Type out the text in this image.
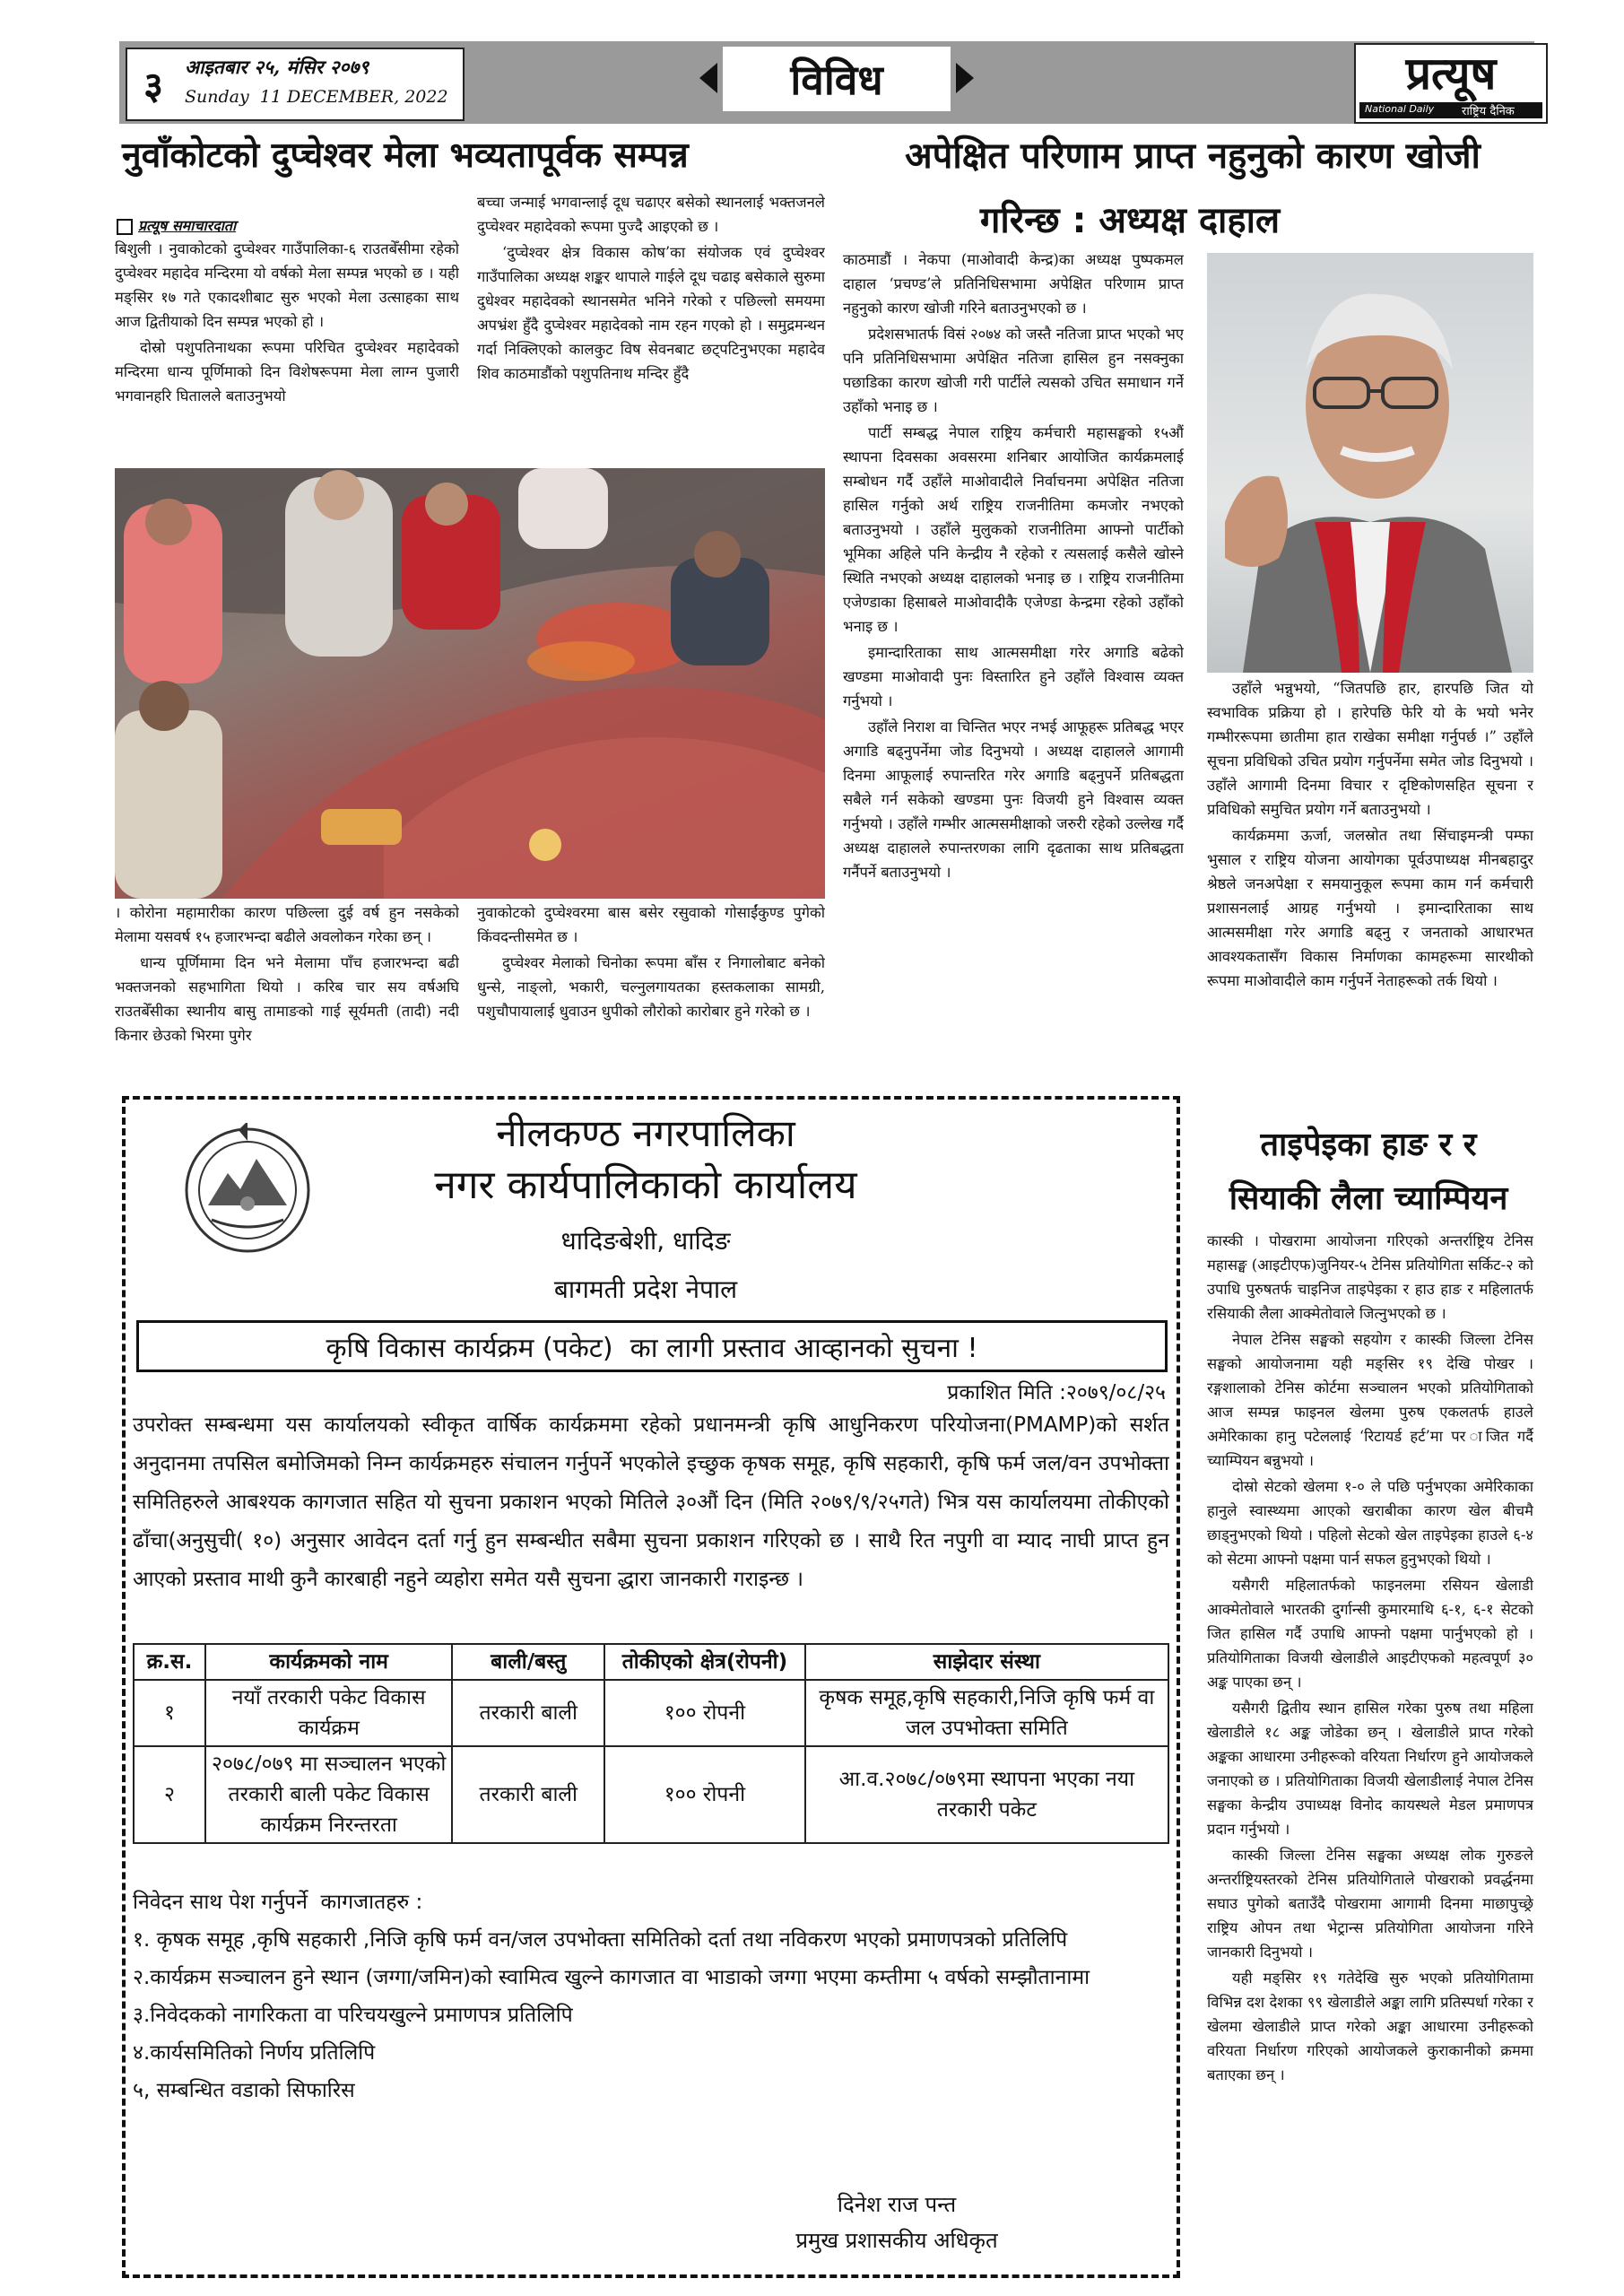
३ आइतबार २५, मंसिर २०७९
Sunday  11 DECEMBER, 2022	विविध	प्रत्यूष
National Daily राष्ट्रिय दैनिक
नुवाँकोटको दुप्चेश्वर मेला भव्यतापूर्वक सम्पन्न
प्रत्यूष समाचारदाता

बिशुली । नुवाकोटको दुप्चेश्वर गाउँपालिका-६ राउतबेँसीमा रहेको दुप्चेश्वर महादेव मन्दिरमा यो वर्षको मेला सम्पन्न भएको छ । यही मङ्सिर १७ गते एकादशीबाट सुरु भएको मेला उत्साहका साथ आज द्वितीयाको दिन सम्पन्न भएको हो ।

दोस्रो पशुपतिनाथका रूपमा परिचित दुप्चेश्वर महादेवको मन्दिरमा धान्य पूर्णिमाको दिन विशेषरूपमा मेला लाग्न पुजारी भगवानहरि घिताललेे बताउनुभयो

बच्चा जन्माई भगवान्लाई दूध चढाएर बसेको स्थानलाई भक्तजनले दुप्चेश्वर महादेवको रूपमा पुज्दै आइएको छ ।

‘दुप्चेश्वर क्षेत्र विकास कोष’का संयोजक एवं दुप्चेश्वर गाउँपालिका अध्यक्ष शङ्कर थापाले गाईले दूध चढाइ बसेकाले सुरुमा दुधेश्वर महादेवको स्थानसमेत भनिने गरेको र पछिल्लो समयमा अपभ्रंश हुँदै दुप्चेश्वर महादेवको नाम रहन गएको हो । समुद्रमन्थन गर्दा निक्लिएको कालकुट विष सेवनबाट छट्पटिनुभएका महादेव शिव काठमाडौंको पशुपतिनाथ मन्दिर हुँदै

। कोरोना महामारीका कारण पछिल्ला दुई वर्ष हुन नसकेको मेलामा यसवर्ष १५ हजारभन्दा बढीले अवलोकन गरेका छन् ।

धान्य पूर्णिमामा दिन भने मेलामा पाँच हजारभन्दा बढी भक्तजनको सहभागिता थियो । करिब चार सय वर्षअघि राउतबेँसीका स्थानीय बासु तामाङको गाई सूर्यमती (तादी) नदी किनार छेउको भिरमा पुगेर

नुवाकोटको दुप्चेश्वरमा बास बसेर रसुवाको गोसाईंकुण्ड पुगेको किंवदन्तीसमेत छ ।

दुप्चेश्वर मेलाको चिनोका रूपमा बाँस र निगालोबाट बनेको धुन्से, नाङ्लो, भकारी, चल्नुलगायतका हस्तकलाका सामग्री, पशुचौपायालाई धुवाउन धुपीको लौरोको कारोबार हुने गरेको छ ।

अपेक्षित परिणाम प्राप्त नहुनुको कारण खोजी
गरिन्छ : अध्यक्ष दाहाल

काठमाडौं । नेकपा (माओवादी केन्द्र)का अध्यक्ष पुष्पकमल दाहाल ‘प्रचण्ड’ले प्रतिनिधिसभामा अपेक्षित परिणाम प्राप्त नहुनुको कारण खोजी गरिने बताउनुभएको छ ।

प्रदेशसभातर्फ विसं २०७४ को जस्तै नतिजा प्राप्त भएको भए पनि प्रतिनिधिसभामा अपेक्षित नतिजा हासिल हुन नसक्नुका पछाडिका कारण खोजी गरी पार्टीले त्यसको उचित समाधान गर्ने उहाँको भनाइ छ ।

पार्टी सम्बद्ध नेपाल राष्ट्रिय कर्मचारी महासङ्घको १५औं स्थापना दिवसका अवसरमा शनिबार आयोजित कार्यक्रमलाई सम्बोधन गर्दै उहाँले माओवादीले निर्वाचनमा अपेक्षित नतिजा हासिल गर्नुको अर्थ राष्ट्रिय राजनीतिमा कमजोर नभएको बताउनुभयो । उहाँले मुलुकको राजनीतिमा आफ्नो पार्टीको भूमिका अहिले पनि केन्द्रीय नै रहेको र त्यसलाई कसैले खोस्ने स्थिति नभएको अध्यक्ष दाहालको भनाइ छ । राष्ट्रिय राजनीतिमा एजेण्डाका हिसाबले माओवादीकै एजेण्डा केन्द्रमा रहेको उहाँको भनाइ छ ।

इमान्दारिताका साथ आत्मसमीक्षा गरेर अगाडि बढेको खण्डमा माओवादी पुनः विस्तारित हुने उहाँले विश्वास व्यक्त गर्नुभयो ।

उहाँले निराश वा चिन्तित भएर नभई आफूहरू प्रतिबद्ध भएर अगाडि बढ्नुपर्नेमा जोड दिनुभयो । अध्यक्ष दाहालले आगामी दिनमा आफूलाई रुपान्तरित गरेर अगाडि बढ्नुपर्ने प्रतिबद्धता सबैले गर्न सकेको खण्डमा पुनः विजयी हुने विश्वास व्यक्त गर्नुभयो । उहाँले गम्भीर आत्मसमीक्षाको जरुरी रहेको उल्लेख गर्दै अध्यक्ष दाहालले रुपान्तरणका लागि दृढताका साथ प्रतिबद्धता गर्नैपर्ने बताउनुभयो ।

उहाँले भन्नुभयो, “जितपछि हार, हारपछि जित यो स्वभाविक प्रक्रिया हो । हारेपछि फेरि यो के भयो भनेर गम्भीररूपमा छातीमा हात राखेका समीक्षा गर्नुपर्छ ।” उहाँले सूचना प्रविधिको उचित प्रयोग गर्नुपर्नेमा समेत जोड दिनुभयो । उहाँले आगामी दिनमा विचार र दृष्टिकोणसहित सूचना र प्रविधिको समुचित प्रयोग गर्ने बताउनुभयो ।

कार्यक्रममा ऊर्जा, जलस्रोत तथा सिंचाइमन्त्री पम्फा भुसाल र राष्ट्रिय योजना आयोगका पूर्वउपाध्यक्ष मीनबहादुर श्रेष्ठले जनअपेक्षा र समयानुकूल रूपमा काम गर्न कर्मचारी प्रशासनलाई आग्रह गर्नुभयो । इमान्दारिताका साथ आत्मसमीक्षा गरेर अगाडि बढ्नु र जनताको आधारभत आवश्यकतासँग विकास निर्माणका कामहरूमा सारथीको रूपमा माओवादीले काम गर्नुपर्ने नेताहरूको तर्क थियो ।

ताइपेइका हाङ र र
सियाकी लैला च्याम्पियन

कास्की । पोखरामा आयोजना गरिएको अन्तर्राष्ट्रिय टेनिस महासङ्घ (आइटीएफ)जुनियर-५ टेनिस प्रतियोगिता सर्किट-२ को उपाधि पुरुषतर्फ चाइनिज ताइपेइका र हाउ हाङ र महिलातर्फ रसियाकी लैला आक्मेतोवाले जित्नुभएको छ ।

नेपाल टेनिस सङ्घको सहयोग र कास्की जिल्ला टेनिस सङ्घको आयोजनामा यही मङ्सिर १९ देखि पोखर । रङ्गशालाको टेनिस कोर्टमा सञ्चालन भएको प्रतियोगिताको आज सम्पन्न फाइनल खेलमा पुरुष एकलतर्फ हाउले अमेरिकाका हानु पटेललाई ‘रिटायर्ड हर्ट’मा पर ाजित गर्दै च्याम्पियन बन्नुभयो ।

दोस्रो सेटको खेलमा १-० ले पछि पर्नुभएका अमेरिकाका हानुले स्वास्थ्यमा आएको खराबीका कारण खेल बीचमै छाड्नुभएको थियो । पहिलो सेटको खेल ताइपेइका हाउले ६-४ को सेटमा आफ्नो पक्षमा पार्न सफल हुनुभएको थियो ।

यसैगरी महिलातर्फको फाइनलमा रसियन खेलाडी आक्मेतोवाले भारतकी दुर्गान्सी कुमारमाथि ६-१, ६-१ सेटको जित हासिल गर्दै उपाधि आफ्नो पक्षमा पार्नुभएको हो । प्रतियोगिताका विजयी खेलाडीले आइटीएफको महत्वपूर्ण ३० अङ्क पाएका छन् ।

यसैगरी द्वितीय स्थान हासिल गरेका पुरुष तथा महिला खेलाडीले १८ अङ्क जोडेका छन् । खेलाडीले प्राप्त गरेको अङ्कका आधारमा उनीहरूको वरियता निर्धारण हुने आयोजकले जनाएको छ । प्रतियोगिताका विजयी खेलाडीलाई नेपाल टेनिस सङ्घका केन्द्रीय उपाध्यक्ष विनोद कायस्थले मेडल प्रमाणपत्र प्रदान गर्नुभयो ।

कास्की जिल्ला टेनिस सङ्घका अध्यक्ष लोक गुरुङले अन्तर्राष्ट्रियस्तरको टेनिस प्रतियोगिताले पोखराको प्रवर्द्धनमा सघाउ पुगेको बताउँदै पोखरामा आगामी दिनमा माछापुच्छ्रे राष्ट्रिय ओपन तथा भेट्रान्स प्रतियोगिता आयोजना गरिने जानकारी दिनुभयो ।

यही मङ्सिर १९ गतेदेखि सुरु भएको प्रतियोगितामा विभिन्न दश देशका ९९ खेलाडीले अङ्का लागि प्रतिस्पर्धा गरेका र खेलमा खेलाडीले प्राप्त गरेको अङ्का आधारमा उनीहरूको वरियता निर्धारण गरिएको आयोजकले कुराकानीको क्रममा बताएका छन् ।

नीलकण्ठ नगरपालिका
नगर कार्यपालिकाको कार्यालय
धादिङबेशी, धादिङ
बागमती प्रदेश नेपाल
कृषि विकास कार्यक्रम (पकेट)  का लागी प्रस्ताव आव्हानको सुचना !
प्रकाशित मिति :२०७९/०८/२५
उपरोक्त सम्बन्धमा यस कार्यालयको स्वीकृत वार्षिक कार्यक्रममा रहेको प्रधानमन्त्री कृषि आधुनिकरण परियोजना(PMAMP)को सर्शत अनुदानमा तपसिल बमोजिमको निम्न कार्यक्रमहरु संचालन गर्नुपर्ने भएकोले इच्छुक कृषक समूह, कृषि सहकारी, कृषि फर्म जल/वन उपभोक्ता समितिहरुले आबश्यक कागजात सहित यो सुचना प्रकाशन भएको मितिले ३०औं दिन (मिति २०७९/९/२५गते) भित्र यस कार्यालयमा तोकीएको ढाँचा(अनुसुची( १०) अनुसार आवेदन दर्ता गर्नु हुन सम्बन्धीत सबैमा सुचना प्रकाशन गरिएको छ । साथै रित नपुगी वा म्याद नाघी प्राप्त हुन आएको प्रस्ताव माथी कुनै कारबाही नहुने व्यहोरा समेत यसै सुचना द्धारा जानकारी गराइन्छ ।
क्र.स.	कार्यक्रमको नाम	बाली/बस्तु	तोकीएको क्षेत्र(रोपनी)	साझेदार संस्था
१	नयाँ तरकारी पकेट विकास कार्यक्रम	तरकारी बाली	१०० रोपनी	कृषक समूह,कृषि सहकारी,निजि कृषि फर्म वा जल उपभोक्ता समिति
२	२०७८/०७९ मा सञ्चालन भएको तरकारी बाली पकेट विकास कार्यक्रम निरन्तरता	तरकारी बाली	१०० रोपनी	आ.व.२०७८/०७९मा स्थापना भएका नया तरकारी पकेट
निवेदन साथ पेश गर्नुपर्ने  कागजातहरु :
१. कृषक समूह ,कृषि सहकारी ,निजि कृषि फर्म वन/जल उपभोक्ता समितिको दर्ता तथा नविकरण भएको प्रमाणपत्रको प्रतिलिपि
२.कार्यक्रम सञ्चालन हुने स्थान (जग्गा/जमिन)को स्वामित्व खुल्ने कागजात वा भाडाको जग्गा भएमा कम्तीमा ५ वर्षको सम्झौतानामा
३.निवेदकको नागरिकता वा परिचयखुल्ने प्रमाणपत्र प्रतिलिपि
४.कार्यसमितिको निर्णय प्रतिलिपि
५, सम्बन्धित वडाको सिफारिस
दिनेश राज पन्त
प्रमुख प्रशासकीय अधिकृत
